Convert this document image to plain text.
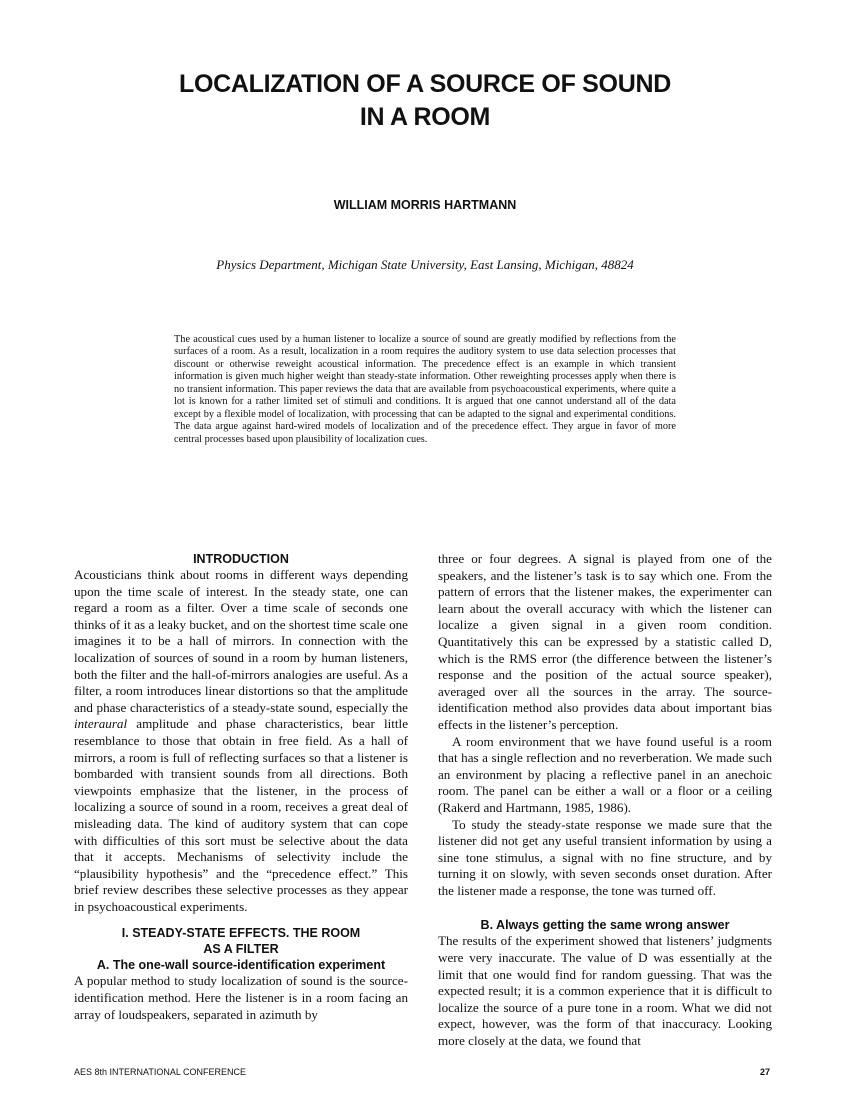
LOCALIZATION OF A SOURCE OF SOUND
IN A ROOM
WILLIAM MORRIS HARTMANN
Physics Department, Michigan State University, East Lansing, Michigan, 48824
The acoustical cues used by a human listener to localize a source of sound are greatly modified by reflections from the surfaces of a room. As a result, localization in a room requires the auditory system to use data selection processes that discount or otherwise reweight acoustical information. The precedence effect is an example in which transient information is given much higher weight than steady-state information. Other reweighting processes apply when there is no transient information. This paper reviews the data that are available from psychoacoustical experiments, where quite a lot is known for a rather limited set of stimuli and conditions. It is argued that one cannot understand all of the data except by a flexible model of localization, with processing that can be adapted to the signal and experimental conditions. The data argue against hard-wired models of localization and of the precedence effect. They argue in favor of more central processes based upon plausibility of localization cues.
INTRODUCTION

Acousticians think about rooms in different ways depending upon the time scale of interest. In the steady state, one can regard a room as a filter. Over a time scale of seconds one thinks of it as a leaky bucket, and on the shortest time scale one imagines it to be a hall of mirrors. In connection with the localization of sources of sound in a room by human listeners, both the filter and the hall-of-mirrors analogies are useful. As a filter, a room introduces linear distortions so that the amplitude and phase characteristics of a steady-state sound, especially the interaural amplitude and phase characteristics, bear little resemblance to those that obtain in free field. As a hall of mirrors, a room is full of reflecting surfaces so that a listener is bombarded with transient sounds from all directions. Both viewpoints emphasize that the listener, in the process of localizing a source of sound in a room, receives a great deal of misleading data. The kind of auditory system that can cope with difficulties of this sort must be selective about the data that it accepts. Mechanisms of selectivity include the “plausibility hypothesis” and the “precedence effect.” This brief review describes these selective processes as they appear in psychoacoustical experiments.

I. STEADY-STATE EFFECTS. THE ROOM
AS A FILTER
A. The one-wall source-identification experiment

A popular method to study localization of sound is the source-identification method. Here the listener is in a room facing an array of loudspeakers, separated in azimuth by

three or four degrees. A signal is played from one of the speakers, and the listener’s task is to say which one. From the pattern of errors that the listener makes, the experimenter can learn about the overall accuracy with which the listener can localize a given signal in a given room condition. Quantitatively this can be expressed by a statistic called D, which is the RMS error (the difference between the listener’s response and the position of the actual source speaker), averaged over all the sources in the array. The source-identification method also provides data about important bias effects in the listener’s perception.

A room environment that we have found useful is a room that has a single reflection and no reverberation. We made such an environment by placing a reflective panel in an anechoic room. The panel can be either a wall or a floor or a ceiling (Rakerd and Hartmann, 1985, 1986).

To study the steady-state response we made sure that the listener did not get any useful transient information by using a sine tone stimulus, a signal with no fine structure, and by turning it on slowly, with seven seconds onset duration. After the listener made a response, the tone was turned off.

B. Always getting the same wrong answer

The results of the experiment showed that listeners’ judgments were very inaccurate. The value of D was essentially at the limit that one would find for random guessing. That was the expected result; it is a common experience that it is difficult to localize the source of a pure tone in a room. What we did not expect, however, was the form of that inaccuracy. Looking more closely at the data, we found that

AES 8th INTERNATIONAL CONFERENCE	27
